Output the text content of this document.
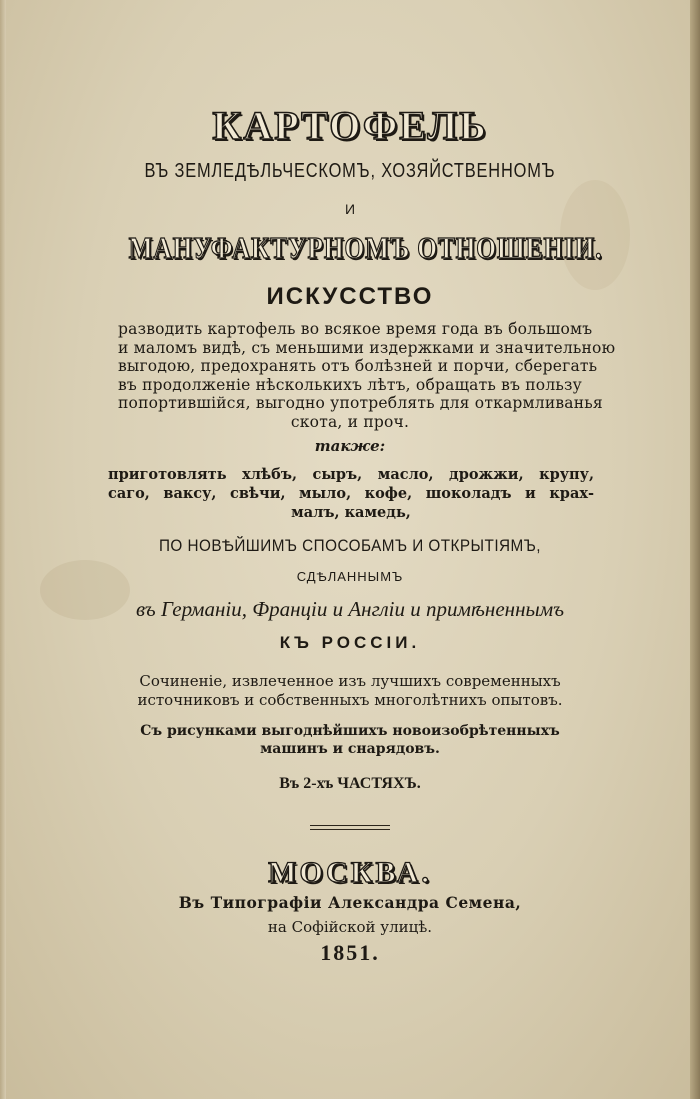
КАРТОФЕЛЬ
ВЪ ЗЕМЛЕДѢЛЬЧЕСКОМЪ, ХОЗЯЙСТВЕННОМЪ
И
МАНУФАКТУРНОМЪ ОТНОШЕНІИ.
ИСКУССТВО
разводить картофель во всякое время года въ большомъ
и маломъ видѣ, съ меньшими издержками и значительною
выгодою, предохранять отъ болѣзней и порчи, сберегать
въ продолженіе нѣсколькихъ лѣтъ, обращать въ пользу
попортившійся, выгодно употреблять для откармливанья
скота, и проч.
также:
приготовлять хлѣбъ, сыръ, масло, дрожжи, крупу,
саго, ваксу, свѣчи, мыло, кофе, шоколадъ и крах-
малъ, камедь,
ПО НОВѢЙШИМЪ СПОСОБАМЪ И ОТКРЫТІЯМЪ,
СДѢЛАННЫМЪ
въ Германіи, Франціи и Англіи и примѣненнымъ
КЪ РОССІИ.
Сочиненіе, извлеченное изъ лучшихъ современныхъ
источниковъ и собственныхъ многолѣтнихъ опытовъ.
Съ рисунками выгоднѣйшихъ новоизобрѣтенныхъ
машинъ и снарядовъ.
Въ 2-хъ ЧАСТЯХЪ.
МОСКВА.
Въ Типографіи Александра Семена,
на Софійской улицѣ.
1851.
